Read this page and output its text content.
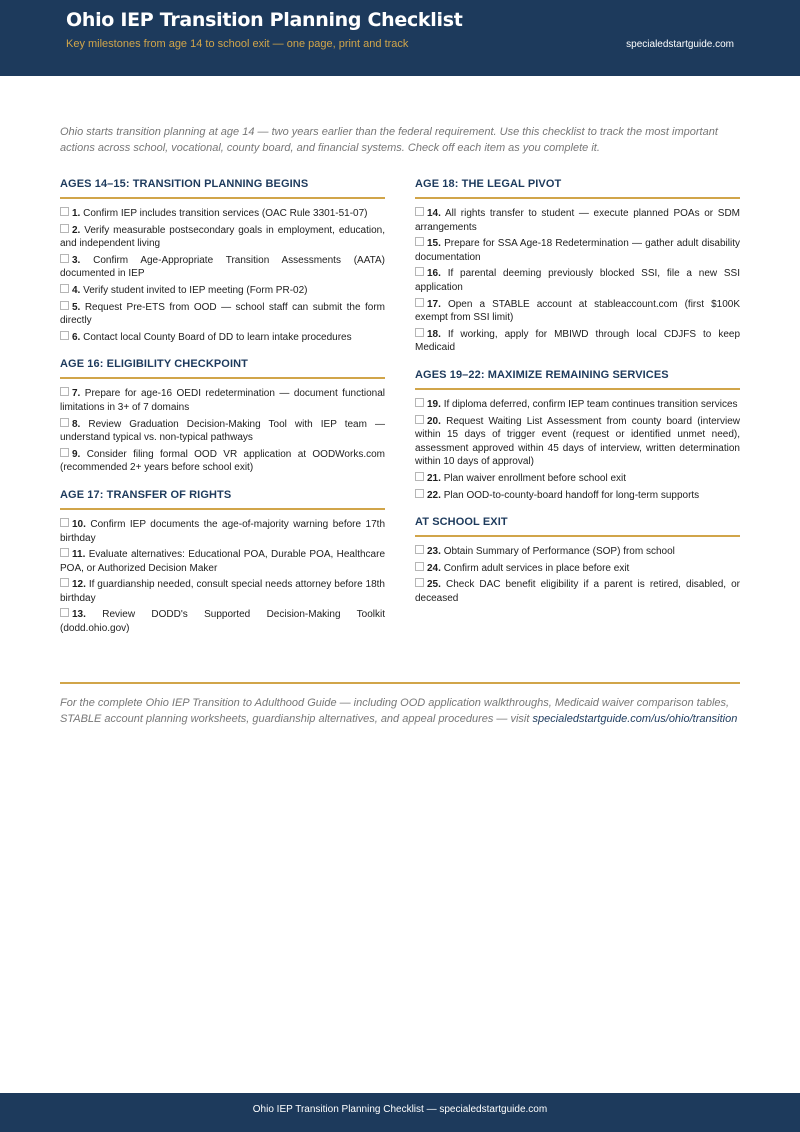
Ohio IEP Transition Planning Checklist
Key milestones from age 14 to school exit — one page, print and track	specialedstartguide.com
Ohio starts transition planning at age 14 — two years earlier than the federal requirement. Use this checklist to track the most important actions across school, vocational, county board, and financial systems. Check off each item as you complete it.
AGES 14–15: TRANSITION PLANNING BEGINS
1. Confirm IEP includes transition services (OAC Rule 3301-51-07)
2. Verify measurable postsecondary goals in employment, education, and independent living
3. Confirm Age-Appropriate Transition Assessments (AATA) documented in IEP
4. Verify student invited to IEP meeting (Form PR-02)
5. Request Pre-ETS from OOD — school staff can submit the form directly
6. Contact local County Board of DD to learn intake procedures
AGE 16: ELIGIBILITY CHECKPOINT
7. Prepare for age-16 OEDI redetermination — document functional limitations in 3+ of 7 domains
8. Review Graduation Decision-Making Tool with IEP team — understand typical vs. non-typical pathways
9. Consider filing formal OOD VR application at OODWorks.com (recommended 2+ years before school exit)
AGE 17: TRANSFER OF RIGHTS
10. Confirm IEP documents the age-of-majority warning before 17th birthday
11. Evaluate alternatives: Educational POA, Durable POA, Healthcare POA, or Authorized Decision Maker
12. If guardianship needed, consult special needs attorney before 18th birthday
13. Review DODD's Supported Decision-Making Toolkit (dodd.ohio.gov)
AGE 18: THE LEGAL PIVOT
14. All rights transfer to student — execute planned POAs or SDM arrangements
15. Prepare for SSA Age-18 Redetermination — gather adult disability documentation
16. If parental deeming previously blocked SSI, file a new SSI application
17. Open a STABLE account at stableaccount.com (first $100K exempt from SSI limit)
18. If working, apply for MBIWD through local CDJFS to keep Medicaid
AGES 19–22: MAXIMIZE REMAINING SERVICES
19. If diploma deferred, confirm IEP team continues transition services
20. Request Waiting List Assessment from county board (interview within 15 days of trigger event (request or identified unmet need), assessment approved within 45 days of interview, written determination within 10 days of approval)
21. Plan waiver enrollment before school exit
22. Plan OOD-to-county-board handoff for long-term supports
AT SCHOOL EXIT
23. Obtain Summary of Performance (SOP) from school
24. Confirm adult services in place before exit
25. Check DAC benefit eligibility if a parent is retired, disabled, or deceased
For the complete Ohio IEP Transition to Adulthood Guide — including OOD application walkthroughs, Medicaid waiver comparison tables, STABLE account planning worksheets, guardianship alternatives, and appeal procedures — visit specialedstartguide.com/us/ohio/transition
Ohio IEP Transition Planning Checklist — specialedstartguide.com
